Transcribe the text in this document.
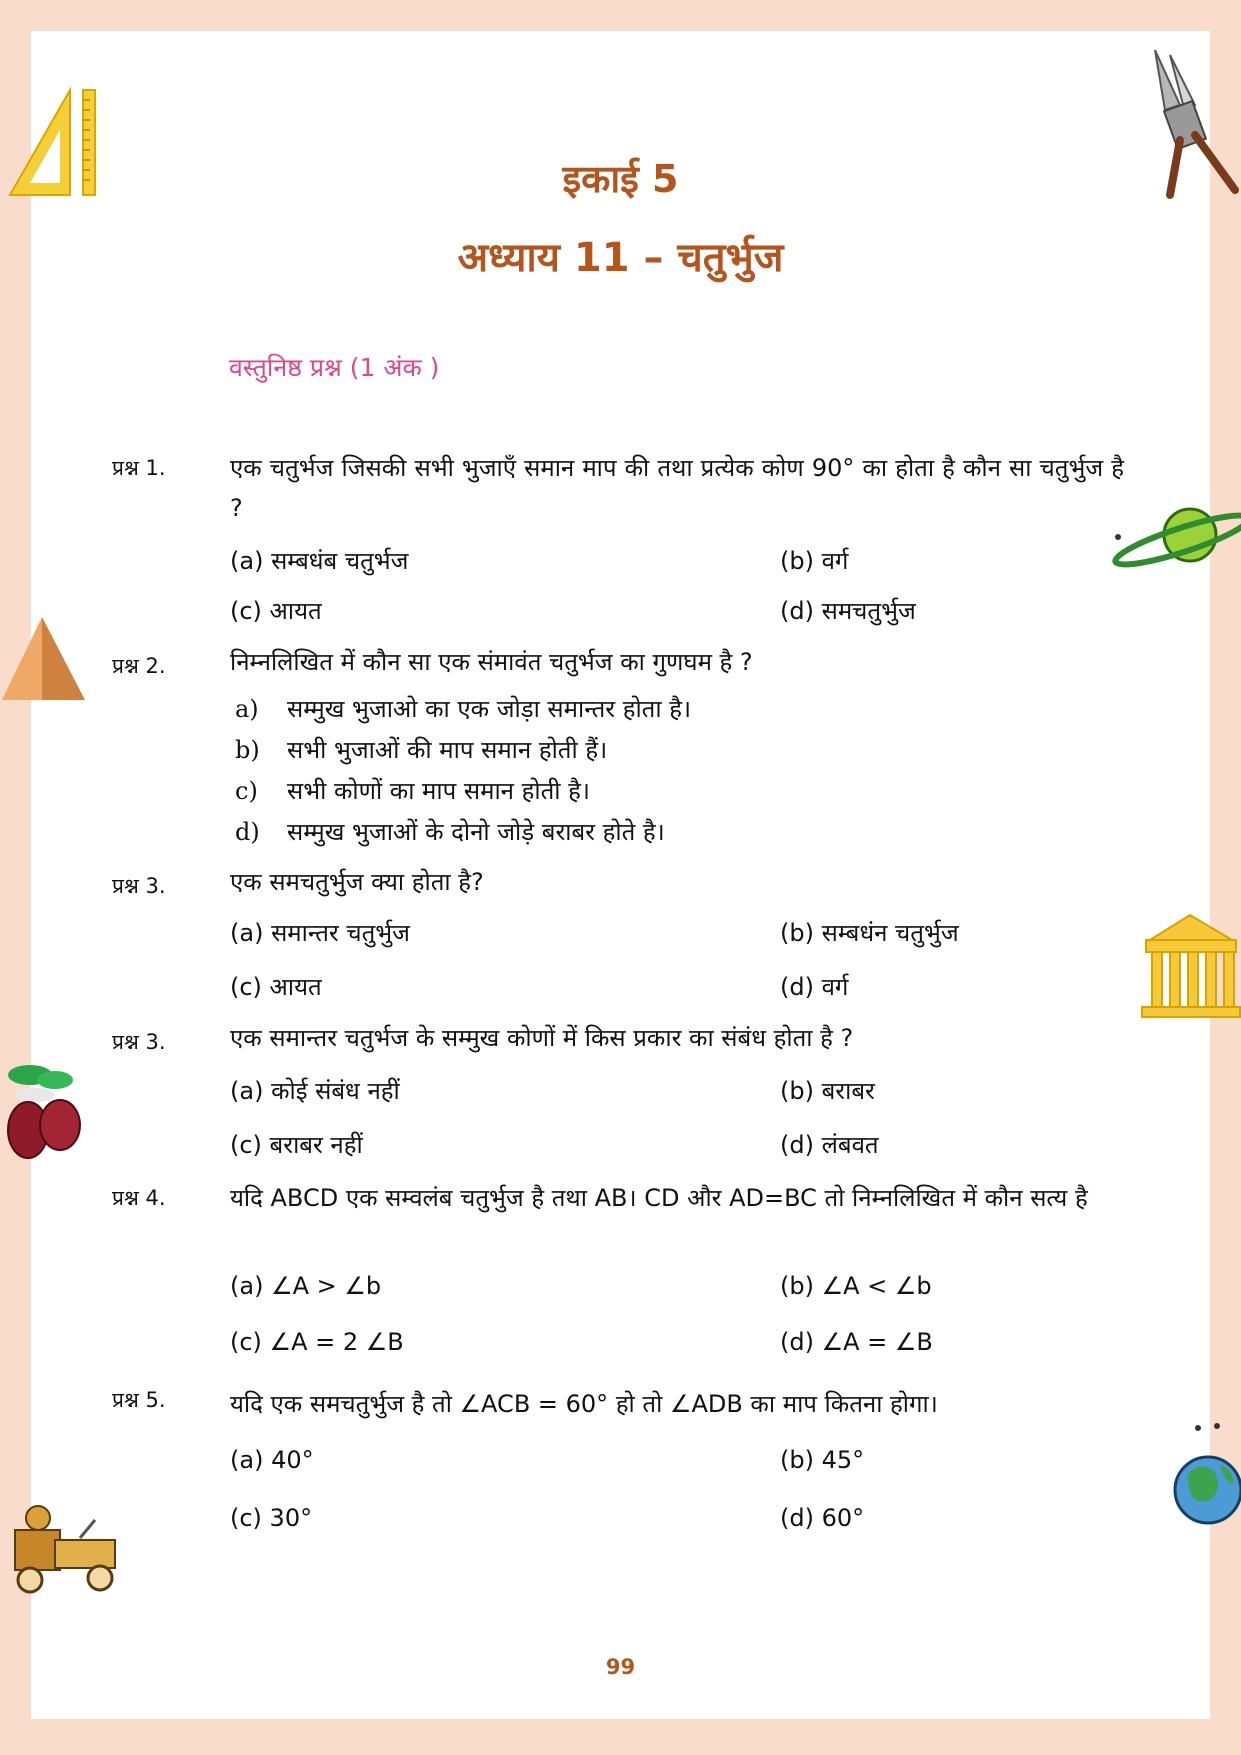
इकाई 5
अध्याय 11 – चतुर्भुज
वस्तुनिष्ठ प्रश्न (1 अंक )
प्रश्न 1.	एक चतुर्भज जिसकी सभी भुजाएँ समान माप की तथा प्रत्येक कोण 90° का होता है कौन सा चतुर्भुज है ?
(a) सम्बधंब चतुर्भज	(b) वर्ग
(c) आयत	(d) समचतुर्भुज
प्रश्न 2.	निम्नलिखित में कौन सा एक संमावंत चतुर्भज का गुणघम है ?
a) सम्मुख भुजाओ का एक जोड़ा समान्तर होता है।
b) सभी भुजाओं की माप समान होती हैं।
c) सभी कोणों का माप समान होती है।
d) सम्मुख भुजाओं के दोनो जोड़े बराबर होते है।
प्रश्न 3.	एक समचतुर्भुज क्या होता है?
(a) समान्तर चतुर्भुज	(b) सम्बधंन चतुर्भुज
(c) आयत	(d) वर्ग
प्रश्न 3.	एक समान्तर चतुर्भज के सम्मुख कोणों में किस प्रकार का संबंध होता है ?
(a) कोई संबंध नहीं	(b) बराबर
(c) बराबर नहीं	(d) लंबवत
प्रश्न 4.	यदि ABCD एक सम्वलंब चतुर्भुज है तथा AB। CD और AD=BC तो निम्नलिखित में कौन सत्य है
(a) ∠A > ∠b	(b) ∠A < ∠b
(c) ∠A = 2 ∠B	(d) ∠A = ∠B
प्रश्न 5.	यदि एक समचतुर्भुज है तो ∠ACB = 60° हो तो ∠ADB का माप कितना होगा।
(a) 40°	(b) 45°
(c) 30°	(d) 60°
99
